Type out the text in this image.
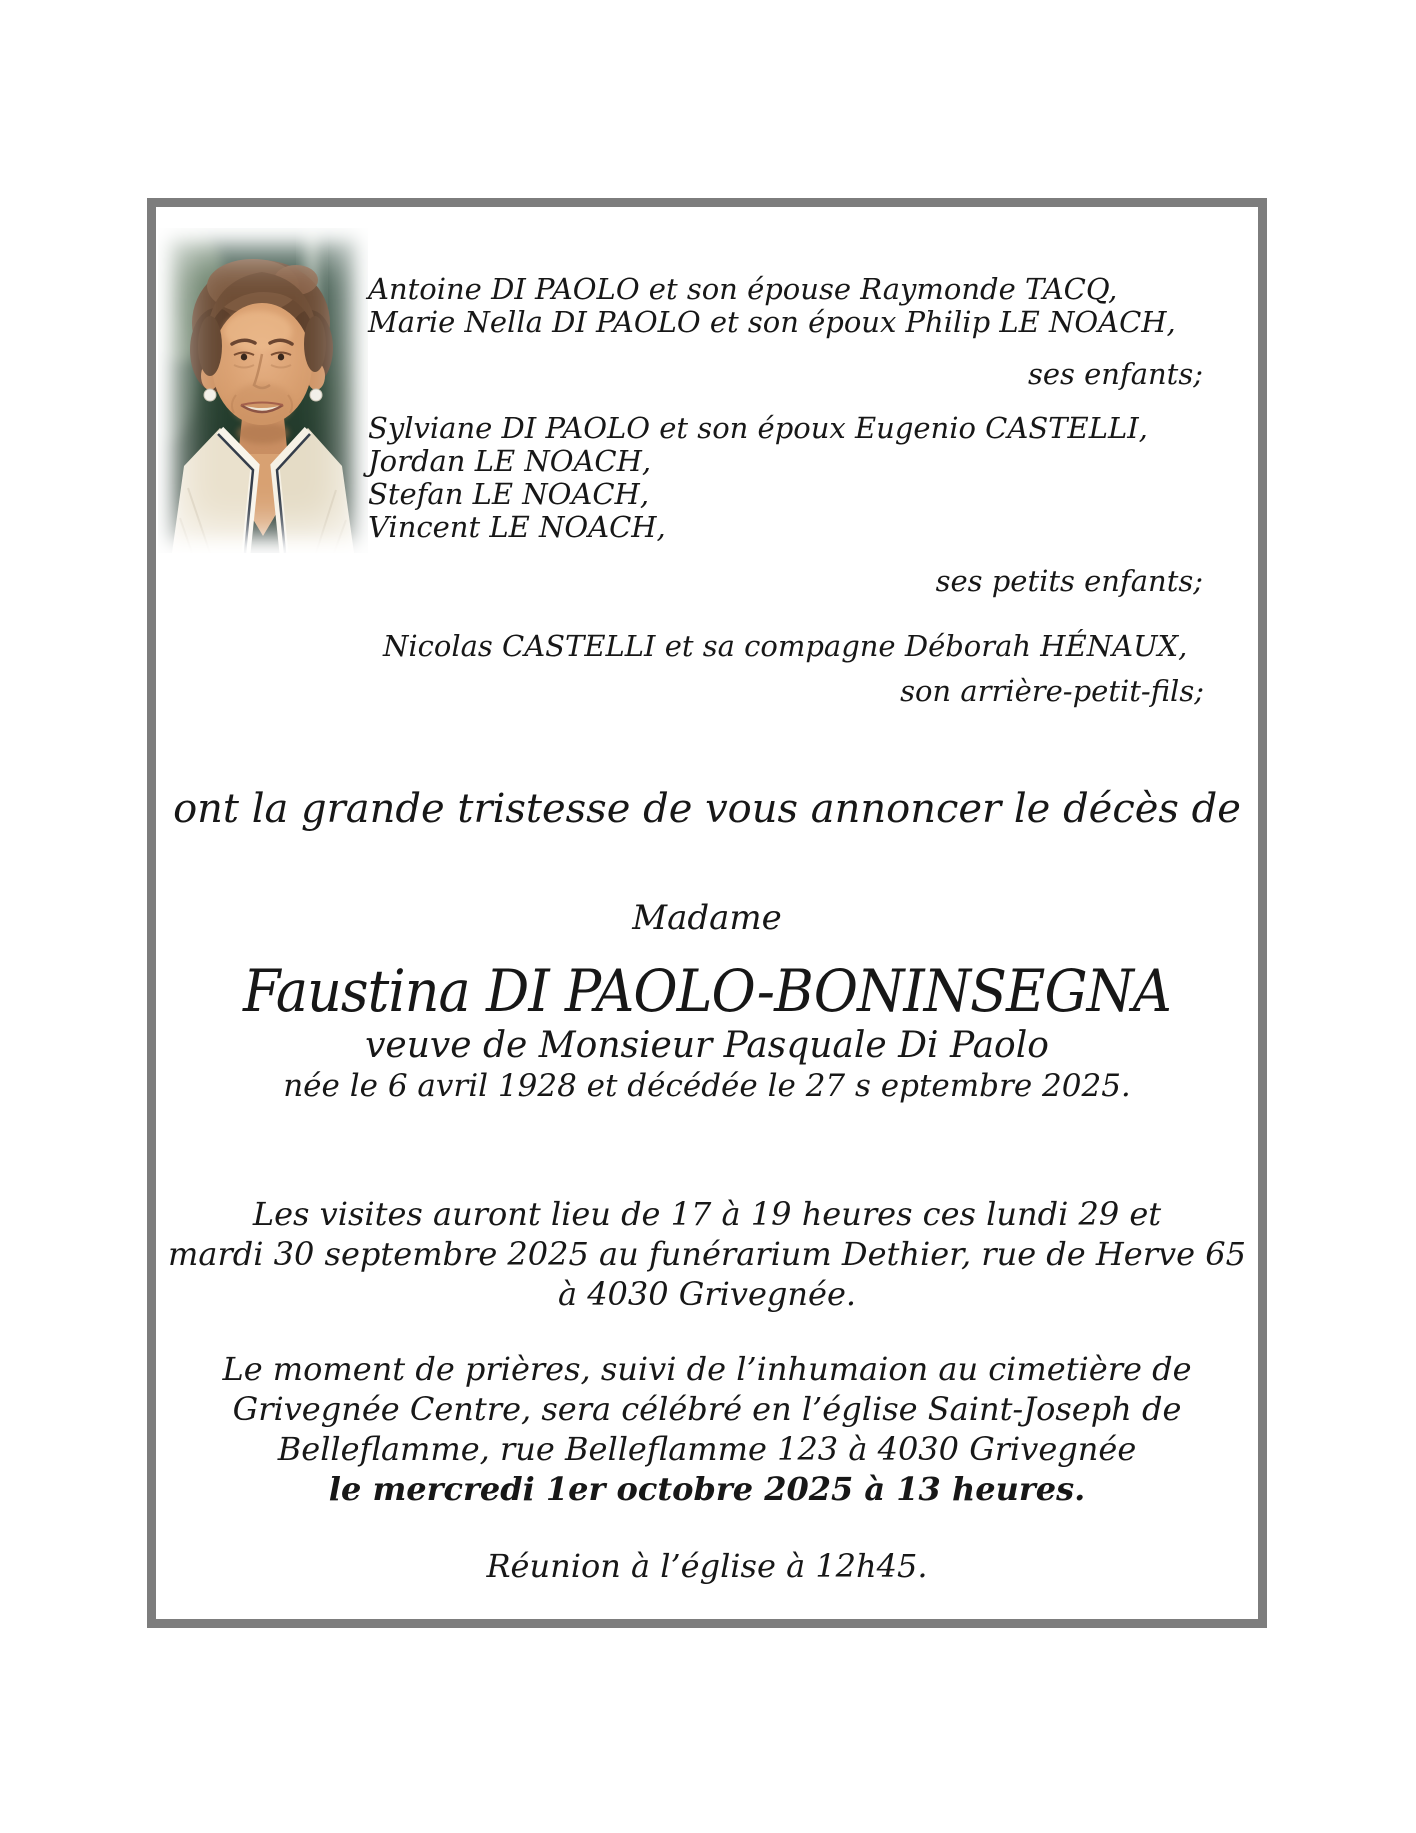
Antoine DI PAOLO et son épouse Raymonde TACQ,
Marie Nella DI PAOLO et son époux Philip LE NOACH,
ses enfants;
Sylviane DI PAOLO et son époux Eugenio CASTELLI,
Jordan LE NOACH,
Stefan LE NOACH,
Vincent LE NOACH,
ses petits enfants;
Nicolas CASTELLI et sa compagne Déborah HÉNAUX,
son arrière-petit-fils;
ont la grande tristesse de vous annoncer le décès de
Madame
Faustina DI PAOLO-BONINSEGNA
veuve de Monsieur Pasquale Di Paolo
née le 6 avril 1928 et décédée le 27 s eptembre 2025.
Les visites auront lieu de 17 à 19 heures ces lundi 29 et
mardi 30 septembre 2025 au funérarium Dethier, rue de Herve 65
à 4030 Grivegnée.
Le moment de prières, suivi de l’inhumaion au cimetière de
Grivegnée Centre, sera célébré en l’église Saint-Joseph de
Belleflamme, rue Belleflamme 123 à 4030 Grivegnée
le mercredi 1er octobre 2025 à 13 heures.
Réunion à l’église à 12h45.
